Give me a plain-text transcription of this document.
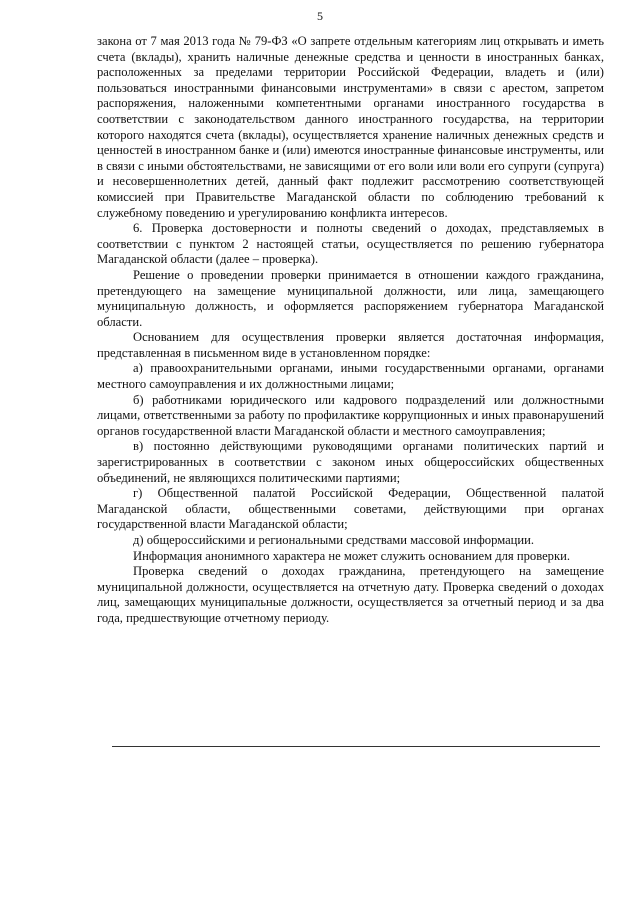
5

закона от 7 мая 2013 года № 79-ФЗ «О запрете отдельным категориям лиц открывать и иметь счета (вклады), хранить наличные денежные средства и ценности в иностранных банках, расположенных за пределами территории Российской Федерации, владеть и (или) пользоваться иностранными финансовыми инструментами» в связи с арестом, запретом распоряжения, наложенными компетентными органами иностранного государства в соответствии с законодательством данного иностранного государства, на территории которого находятся счета (вклады), осуществляется хранение наличных денежных средств и ценностей в иностранном банке и (или) имеются иностранные финансовые инструменты, или в связи с иными обстоятельствами, не зависящими от его воли или воли его супруги (супруга) и несовершеннолетних детей, данный факт подлежит рассмотрению соответствующей комиссией при Правительстве Магаданской области по соблюдению требований к служебному поведению и урегулированию конфликта интересов.

6. Проверка достоверности и полноты сведений о доходах, представляемых в соответствии с пунктом 2 настоящей статьи, осуществляется по решению губернатора Магаданской области (далее – проверка).

Решение о проведении проверки принимается в отношении каждого гражданина, претендующего на замещение муниципальной должности, или лица, замещающего муниципальную должность, и оформляется распоряжением губернатора Магаданской области.

Основанием для осуществления проверки является достаточная информация, представленная в письменном виде в установленном порядке:

а) правоохранительными органами, иными государственными органами, органами местного самоуправления и их должностными лицами;

б) работниками юридического или кадрового подразделений или должностными лицами, ответственными за работу по профилактике коррупционных и иных правонарушений органов государственной власти Магаданской области и местного самоуправления;

в) постоянно действующими руководящими органами политических партий и зарегистрированных в соответствии с законом иных общероссийских общественных объединений, не являющихся политическими партиями;

г) Общественной палатой Российской Федерации, Общественной палатой Магаданской области, общественными советами, действующими при органах государственной власти Магаданской области;

д) общероссийскими и региональными средствами массовой информации.

Информация анонимного характера не может служить основанием для проверки.

Проверка сведений о доходах гражданина, претендующего на замещение муниципальной должности, осуществляется на отчетную дату. Проверка сведений о доходах лиц, замещающих муниципальные должности, осуществляется за отчетный период и за два года, предшествующие отчетному периоду.
